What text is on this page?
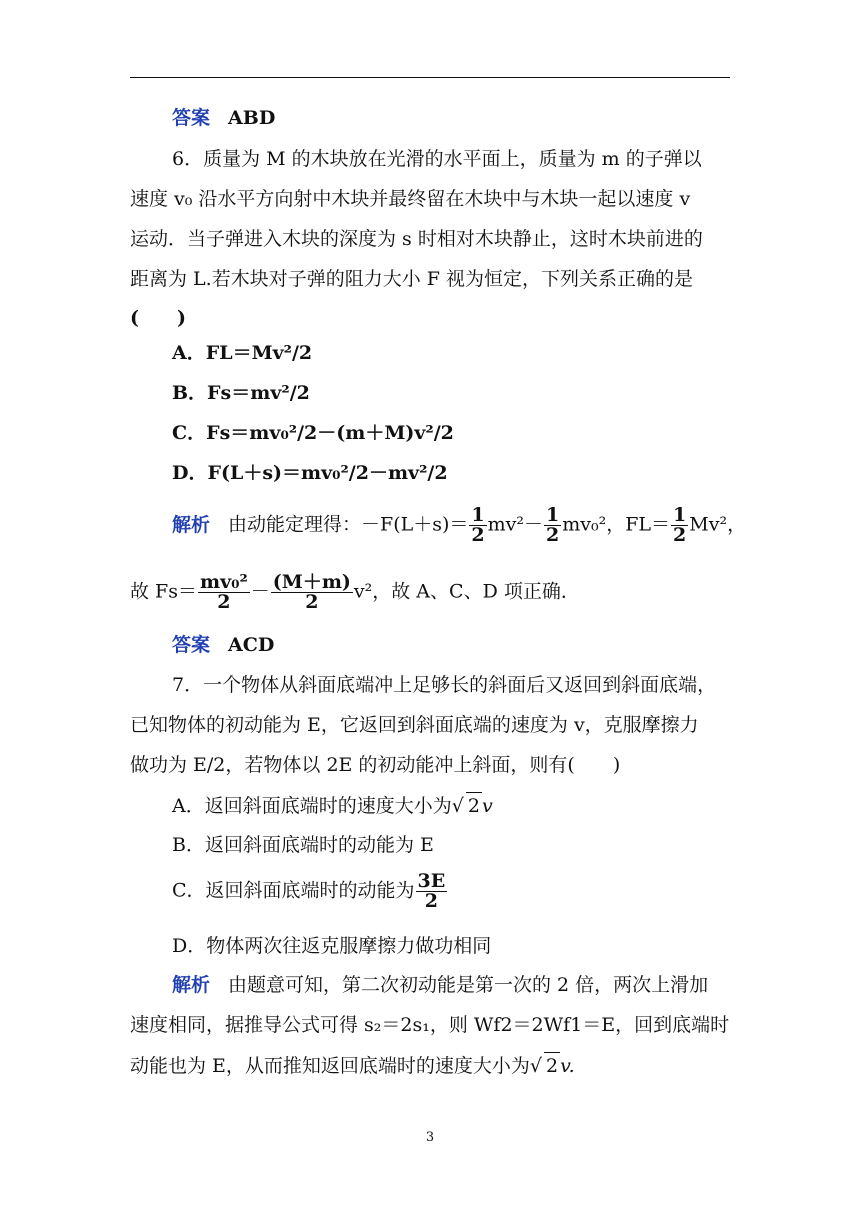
答案 ABD
6．质量为 M 的木块放在光滑的水平面上，质量为 m 的子弹以
速度 v₀ 沿水平方向射中木块并最终留在木块中与木块一起以速度 v
运动．当子弹进入木块的深度为 s 时相对木块静止，这时木块前进的
距离为 L.若木块对子弹的阻力大小 F 视为恒定，下列关系正确的是
(　　)
A．FL＝Mv²/2
B．Fs＝mv²/2
C．Fs＝mv₀²/2－(m＋M)v²/2
D．F(L＋s)＝mv₀²/2－mv²/2
解析 由动能定理得：$-F(L+s)= \frac{1}{2} mv^2- \frac{1}{2} mv_0^2$，$FL= \frac{1}{2} Mv^2$，
故 $Fs= \frac{\text{mv₀²}}{2} - \frac{(M+m)}{2} v^2$，故 A、C、D 项正确．
答案 ACD
7．一个物体从斜面底端冲上足够长的斜面后又返回到斜面底端，
已知物体的初动能为 E，它返回到斜面底端的速度为 v，克服摩擦力
做功为 E/2，若物体以 2E 的初动能冲上斜面，则有(　　)
A．返回斜面底端时的速度大小为√ 2 v
B．返回斜面底端时的动能为 E
C．返回斜面底端时的动能为 $\frac{3E}{2}$
D．物体两次往返克服摩擦力做功相同
解析 由题意可知，第二次初动能是第一次的 2 倍，两次上滑加
速度相同，据推导公式可得 s₂＝2s₁，则 Wf2＝2Wf1＝E，回到底端时
动能也为 E，从而推知返回底端时的速度大小为√ 2 v.
3
